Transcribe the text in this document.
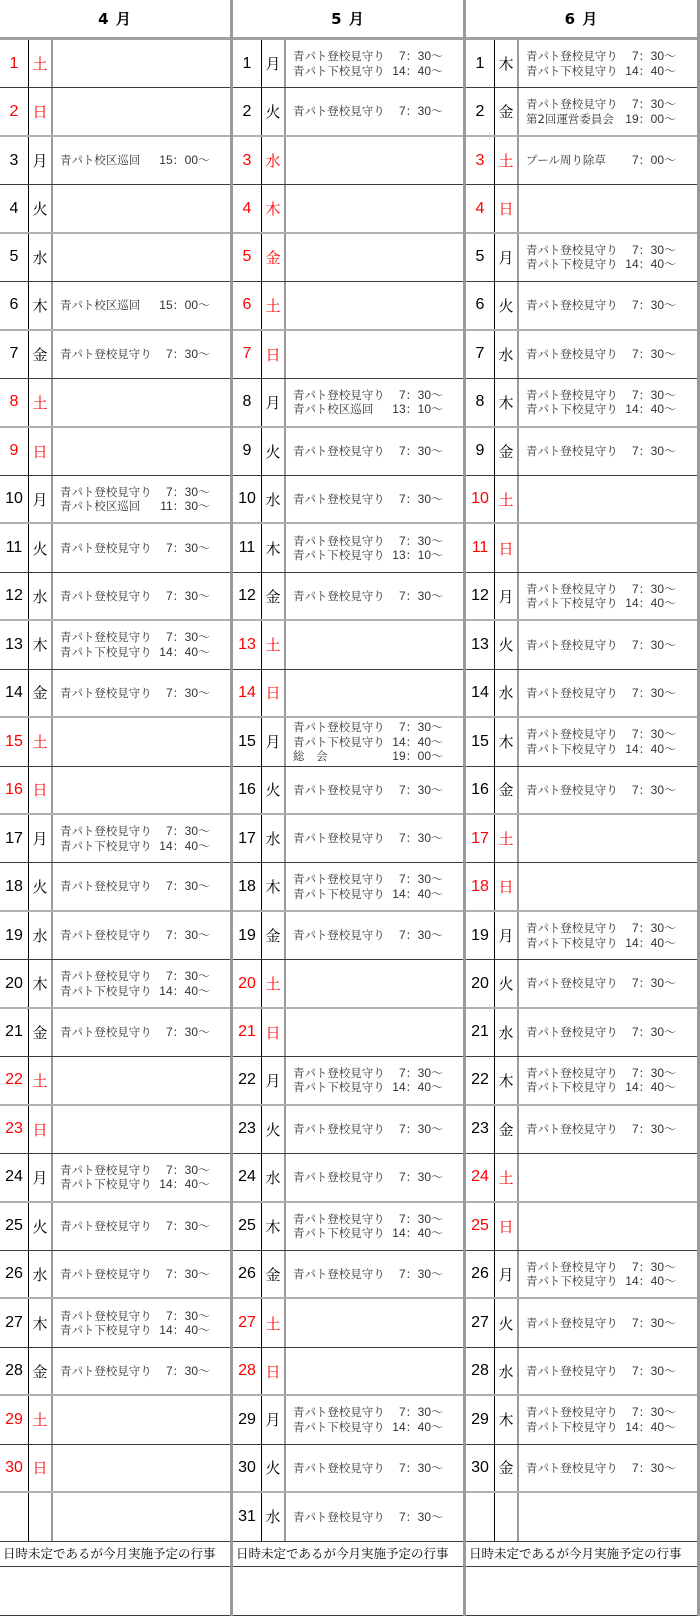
4 月
1 土
2 日
3 月	青パト校区巡回 15：00～
4 火
5 水
6 木	青パト校区巡回 15：00～
7 金	青パト登校見守り	7：30～
8 土
9 日
10 月	青パト登校見守り	7：30～
青パト校区巡回 11：30～
11 火	青パト登校見守り	7：30～
12 水	青パト登校見守り	7：30～
13 木	青パト登校見守り	7：30～
青パト下校見守り 14：40～
14 金	青パト登校見守り	7：30～
15 土
16 日
17 月	青パト登校見守り	7：30～
青パト下校見守り 14：40～
18 火	青パト登校見守り	7：30～
19 水	青パト登校見守り	7：30～
20 木	青パト登校見守り	7：30～
青パト下校見守り 14：40～
21 金	青パト登校見守り	7：30～
22 土
23 日
24 月	青パト登校見守り	7：30～
青パト下校見守り 14：40～
25 火	青パト登校見守り	7：30～
26 水	青パト登校見守り	7：30～
27 木	青パト登校見守り	7：30～
青パト下校見守り 14：40～
28 金	青パト登校見守り	7：30～
29 土
30 日
日時未定であるが今月実施予定の行事
5 月
1 月	青パト登校見守り	7：30～
青パト下校見守り 14：40～
2 火	青パト登校見守り	7：30～
3 水
4 木
5 金
6 土
7 日
8 月	青パト登校見守り	7：30～
青パト校区巡回 13：10～
9 火	青パト登校見守り	7：30～
10 水	青パト登校見守り	7：30～
11 木	青パト登校見守り	7：30～
青パト下校見守り 13：10～
12 金	青パト登校見守り	7：30～
13 土
14 日
15 月
青パト登校見守り	7：30～
青パト下校見守り 14：40～
総　会	19：00～
16 火	青パト登校見守り	7：30～
17 水	青パト登校見守り	7：30～
18 木	青パト登校見守り	7：30～
青パト下校見守り 14：40～
19 金	青パト登校見守り	7：30～
20 土
21 日
22 月	青パト登校見守り	7：30～
青パト下校見守り 14：40～
23 火	青パト登校見守り	7：30～
24 水	青パト登校見守り	7：30～
25 木	青パト登校見守り	7：30～
青パト下校見守り 14：40～
26 金	青パト登校見守り	7：30～
27 土
28 日
29 月	青パト登校見守り	7：30～
青パト下校見守り 14：40～
30 火	青パト登校見守り	7：30～
31 水	青パト登校見守り	7：30～
日時未定であるが今月実施予定の行事
6 月
1 木	青パト登校見守り	7：30～
青パト下校見守り 14：40～
2 金	青パト登校見守り	7：30～
第2回運営委員会 19：00～
3 土	プール周り除草	7：00～
4 日
5 月	青パト登校見守り	7：30～
青パト下校見守り 14：40～
6 火	青パト登校見守り	7：30～
7 水	青パト登校見守り	7：30～
8 木	青パト登校見守り	7：30～
青パト下校見守り 14：40～
9 金	青パト登校見守り	7：30～
10 土
11 日
12 月	青パト登校見守り	7：30～
青パト下校見守り 14：40～
13 火	青パト登校見守り	7：30～
14 水	青パト登校見守り	7：30～
15 木	青パト登校見守り	7：30～
青パト下校見守り 14：40～
16 金	青パト登校見守り	7：30～
17 土
18 日
19 月	青パト登校見守り	7：30～
青パト下校見守り 14：40～
20 火	青パト登校見守り	7：30～
21 水	青パト登校見守り	7：30～
22 木	青パト登校見守り	7：30～
青パト下校見守り 14：40～
23 金	青パト登校見守り	7：30～
24 土
25 日
26 月	青パト登校見守り	7：30～
青パト下校見守り 14：40～
27 火	青パト登校見守り	7：30～
28 水	青パト登校見守り	7：30～
29 木	青パト登校見守り	7：30～
青パト下校見守り 14：40～
30 金	青パト登校見守り	7：30～
日時未定であるが今月実施予定の行事
